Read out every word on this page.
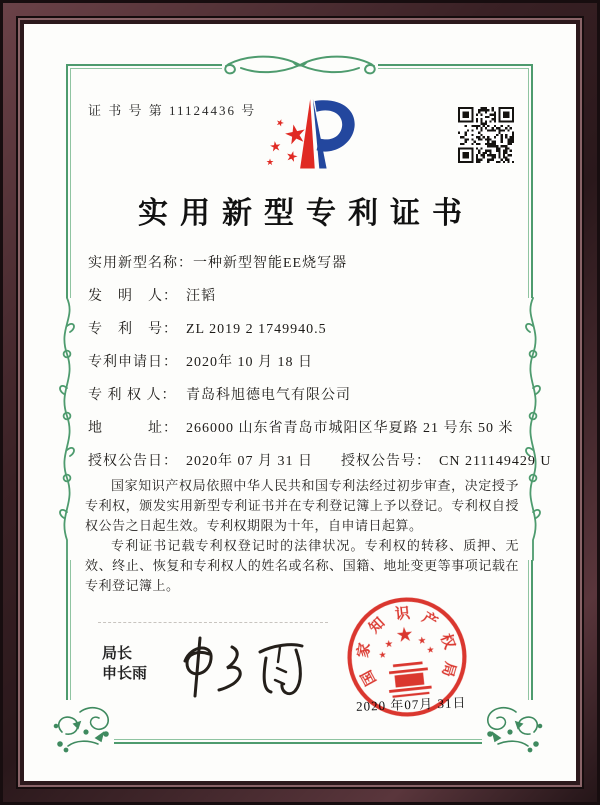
证 书 号 第 11124436 号
实用新型专利证书
实用新型名称：一种新型智能EE烧写器
发　明　人： 汪韬
专　利　号： ZL 2019 2 1749940.5
专利申请日： 2020年 10 月 18 日
专 利 权 人： 青岛科旭德电气有限公司
地　　　址： 266000 山东省青岛市城阳区华夏路 21 号东 50 米
授权公告日： 2020年 07 月 31 日 授权公告号： CN 211149429 U

国家知识产权局依照中华人民共和国专利法经过初步审查，决定授予专利权，颁发实用新型专利证书并在专利登记簿上予以登记。专利权自授权公告之日起生效。专利权期限为十年，自申请日起算。

专利证书记载专利权登记时的法律状况。专利权的转移、质押、无效、终止、恢复和专利权人的姓名或名称、国籍、地址变更等事项记载在专利登记簿上。

局长
申长雨
2020 年07月 31日
国
家
知
识 产
权
局
